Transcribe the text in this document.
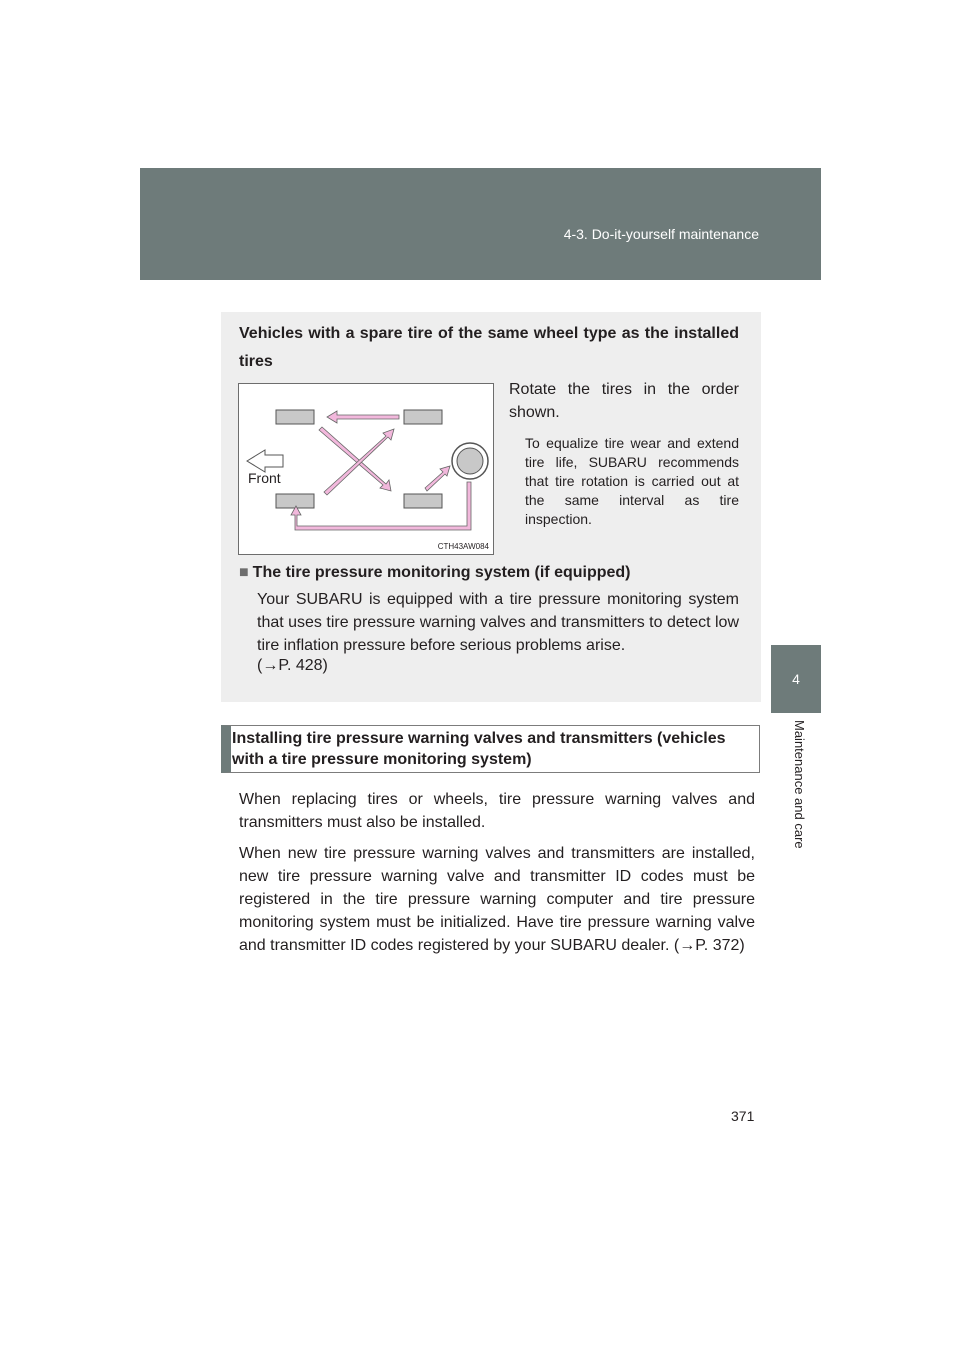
4-3. Do-it-yourself maintenance
4
Maintenance and care
Vehicles with a spare tire of the same wheel type as the installed tires
Front
CTH43AW084
Rotate the tires in the order shown.
To equalize tire wear and extend tire life, SUBARU recommends that tire rotation is carried out at the same interval as tire inspection.
■ The tire pressure monitoring system (if equipped)
Your SUBARU is equipped with a tire pressure monitoring system that uses tire pressure warning valves and transmitters to detect low tire inflation pressure before serious problems arise.
(→P. 428)
Installing tire pressure warning valves and transmitters (vehicles with a tire pressure monitoring system)
When replacing tires or wheels, tire pressure warning valves and transmitters must also be installed.
When new tire pressure warning valves and transmitters are installed, new tire pressure warning valve and transmitter ID codes must be registered in the tire pressure warning computer and tire pressure monitoring system must be initialized. Have tire pressure warning valve and transmitter ID codes registered by your SUBARU dealer. (→P. 372)
371
